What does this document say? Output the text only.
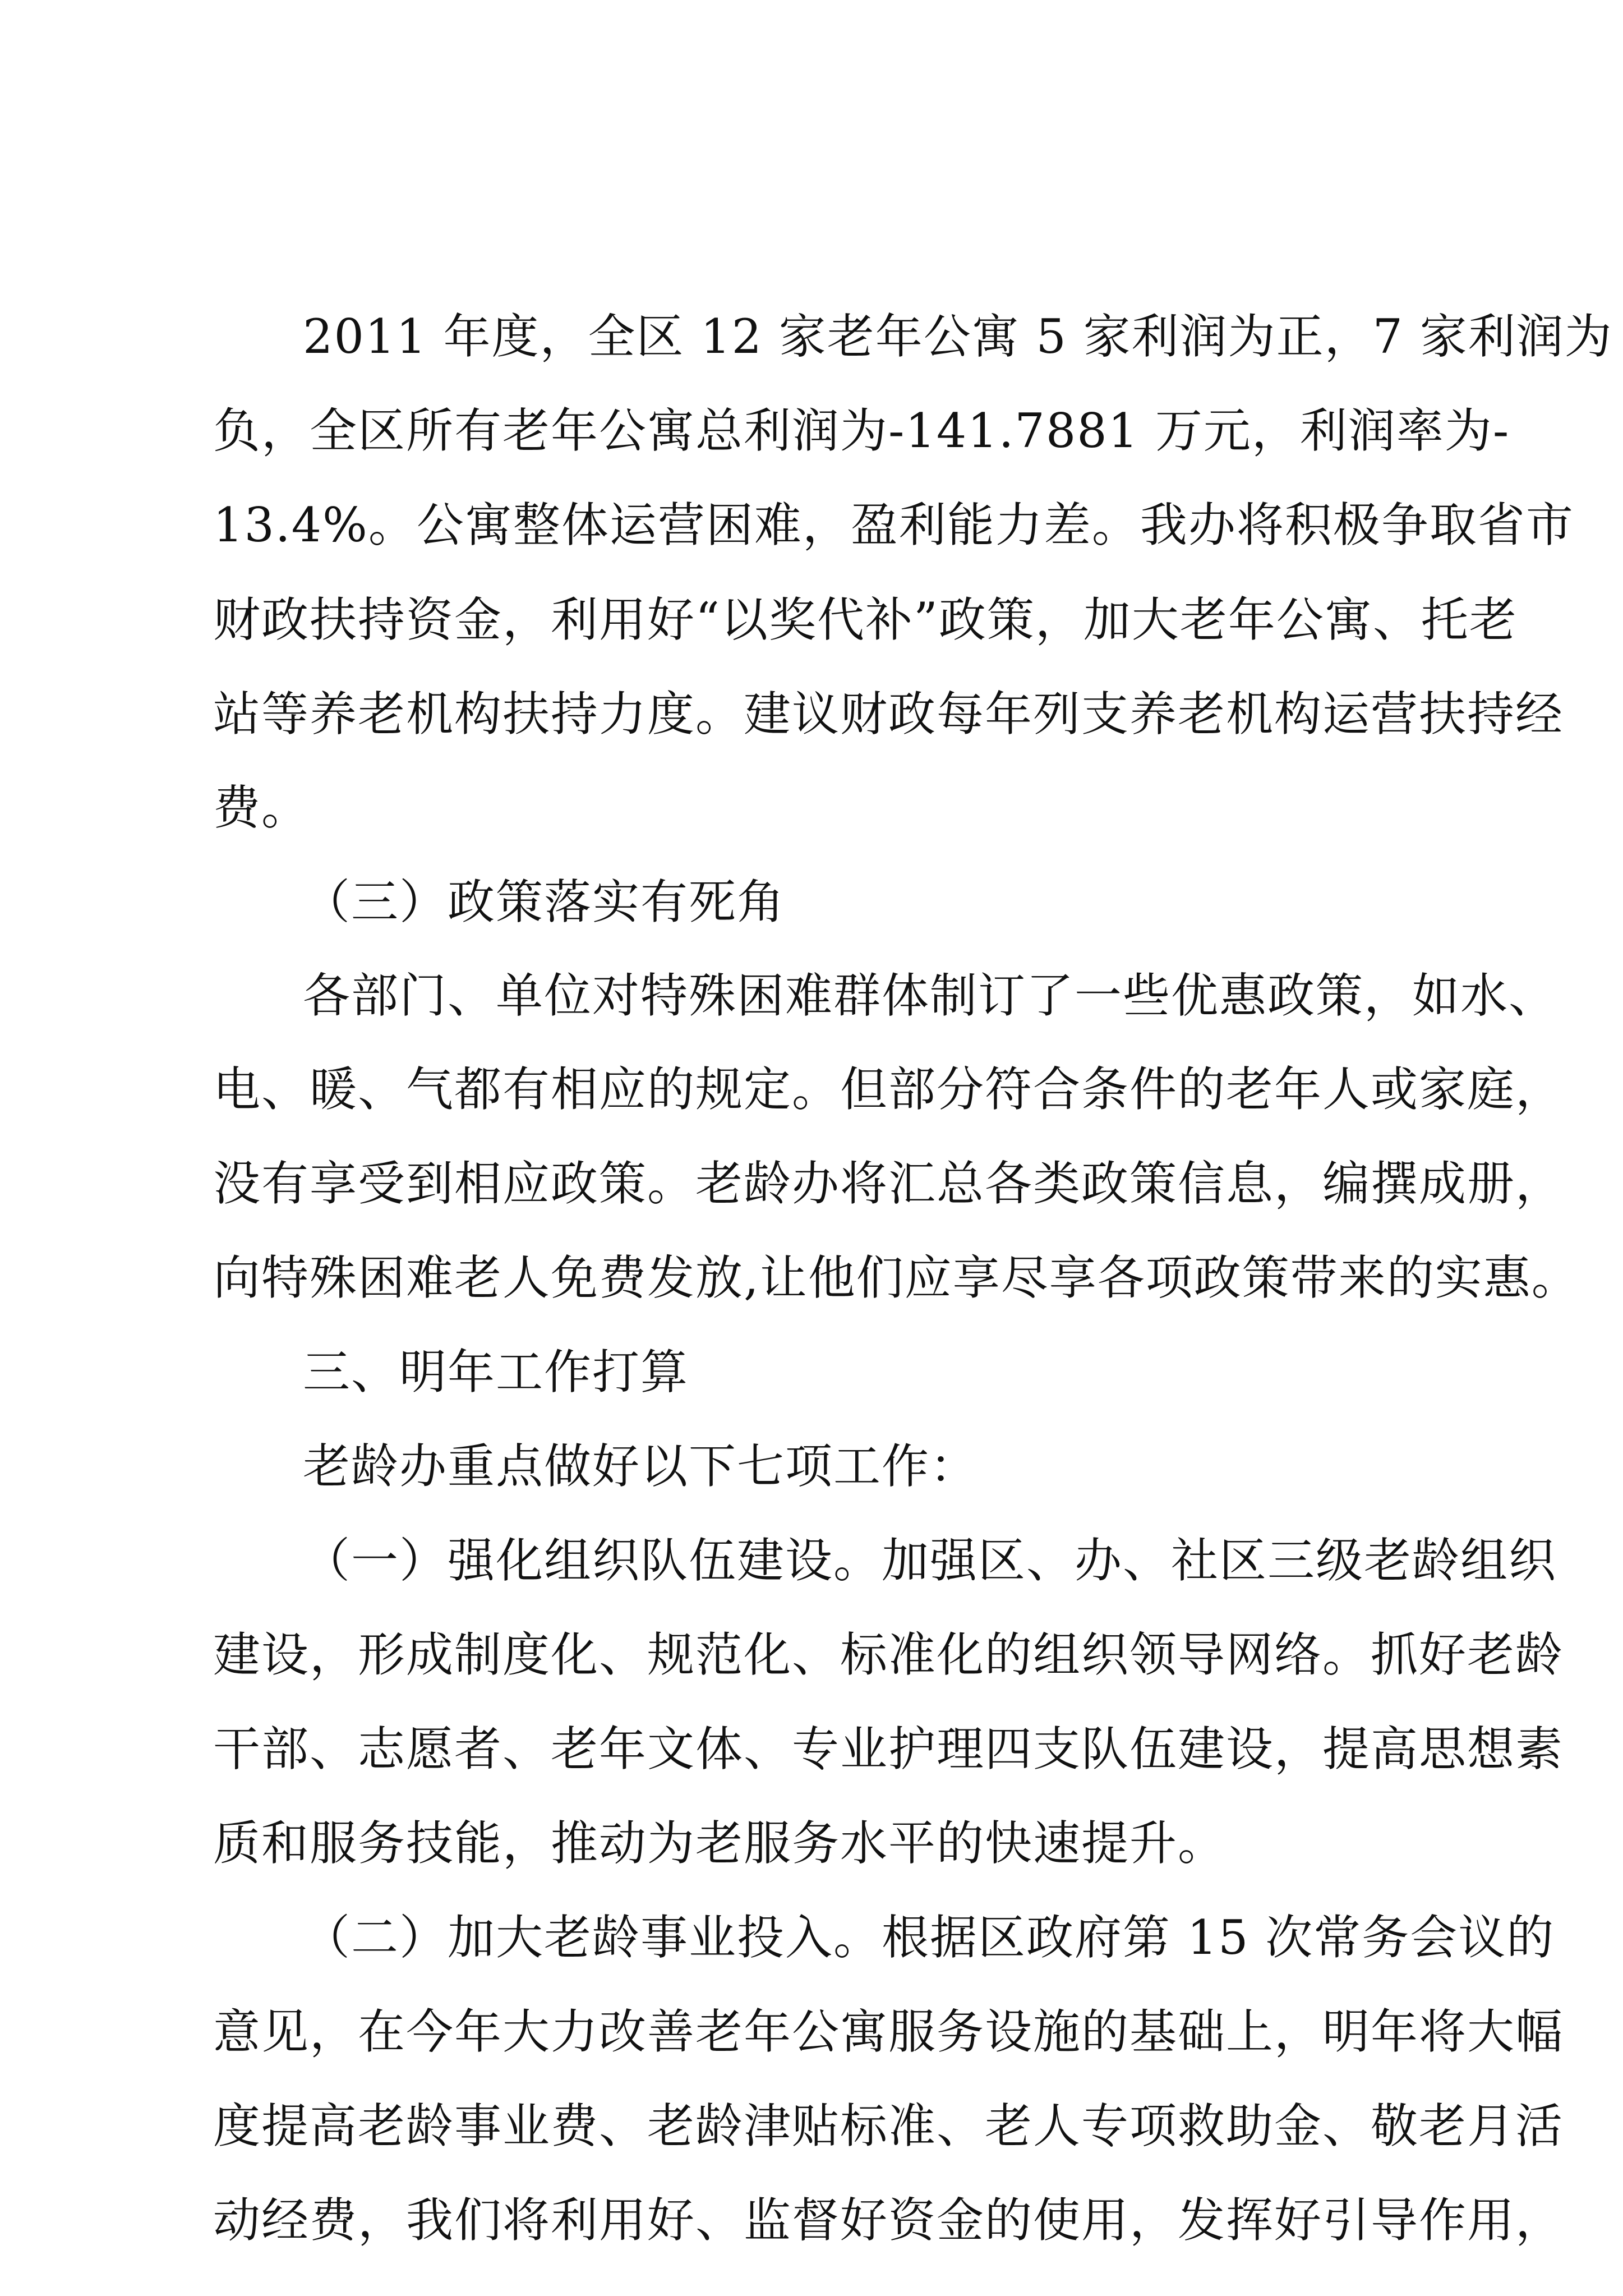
2011 年度，全区 12 家老年公寓 5 家利润为正，7 家利润为
负，全区所有老年公寓总利润为-141.7881 万元，利润率为-
13.4%。公寓整体运营困难，盈利能力差。我办将积极争取省市
财政扶持资金，利用好“以奖代补”政策，加大老年公寓、托老
站等养老机构扶持力度。建议财政每年列支养老机构运营扶持经
费。
（三）政策落实有死角
各部门、单位对特殊困难群体制订了一些优惠政策，如水、
电、暖、气都有相应的规定。但部分符合条件的老年人或家庭，
没有享受到相应政策。老龄办将汇总各类政策信息，编撰成册，
向特殊困难老人免费发放,让他们应享尽享各项政策带来的实惠。
三、明年工作打算
老龄办重点做好以下七项工作：
（一）强化组织队伍建设。加强区、办、社区三级老龄组织
建设，形成制度化、规范化、标准化的组织领导网络。抓好老龄
干部、志愿者、老年文体、专业护理四支队伍建设，提高思想素
质和服务技能，推动为老服务水平的快速提升。
（二）加大老龄事业投入。根据区政府第 15 次常务会议的
意见，在今年大力改善老年公寓服务设施的基础上，明年将大幅
度提高老龄事业费、老龄津贴标准、老人专项救助金、敬老月活
动经费，我们将利用好、监督好资金的使用，发挥好引导作用，
